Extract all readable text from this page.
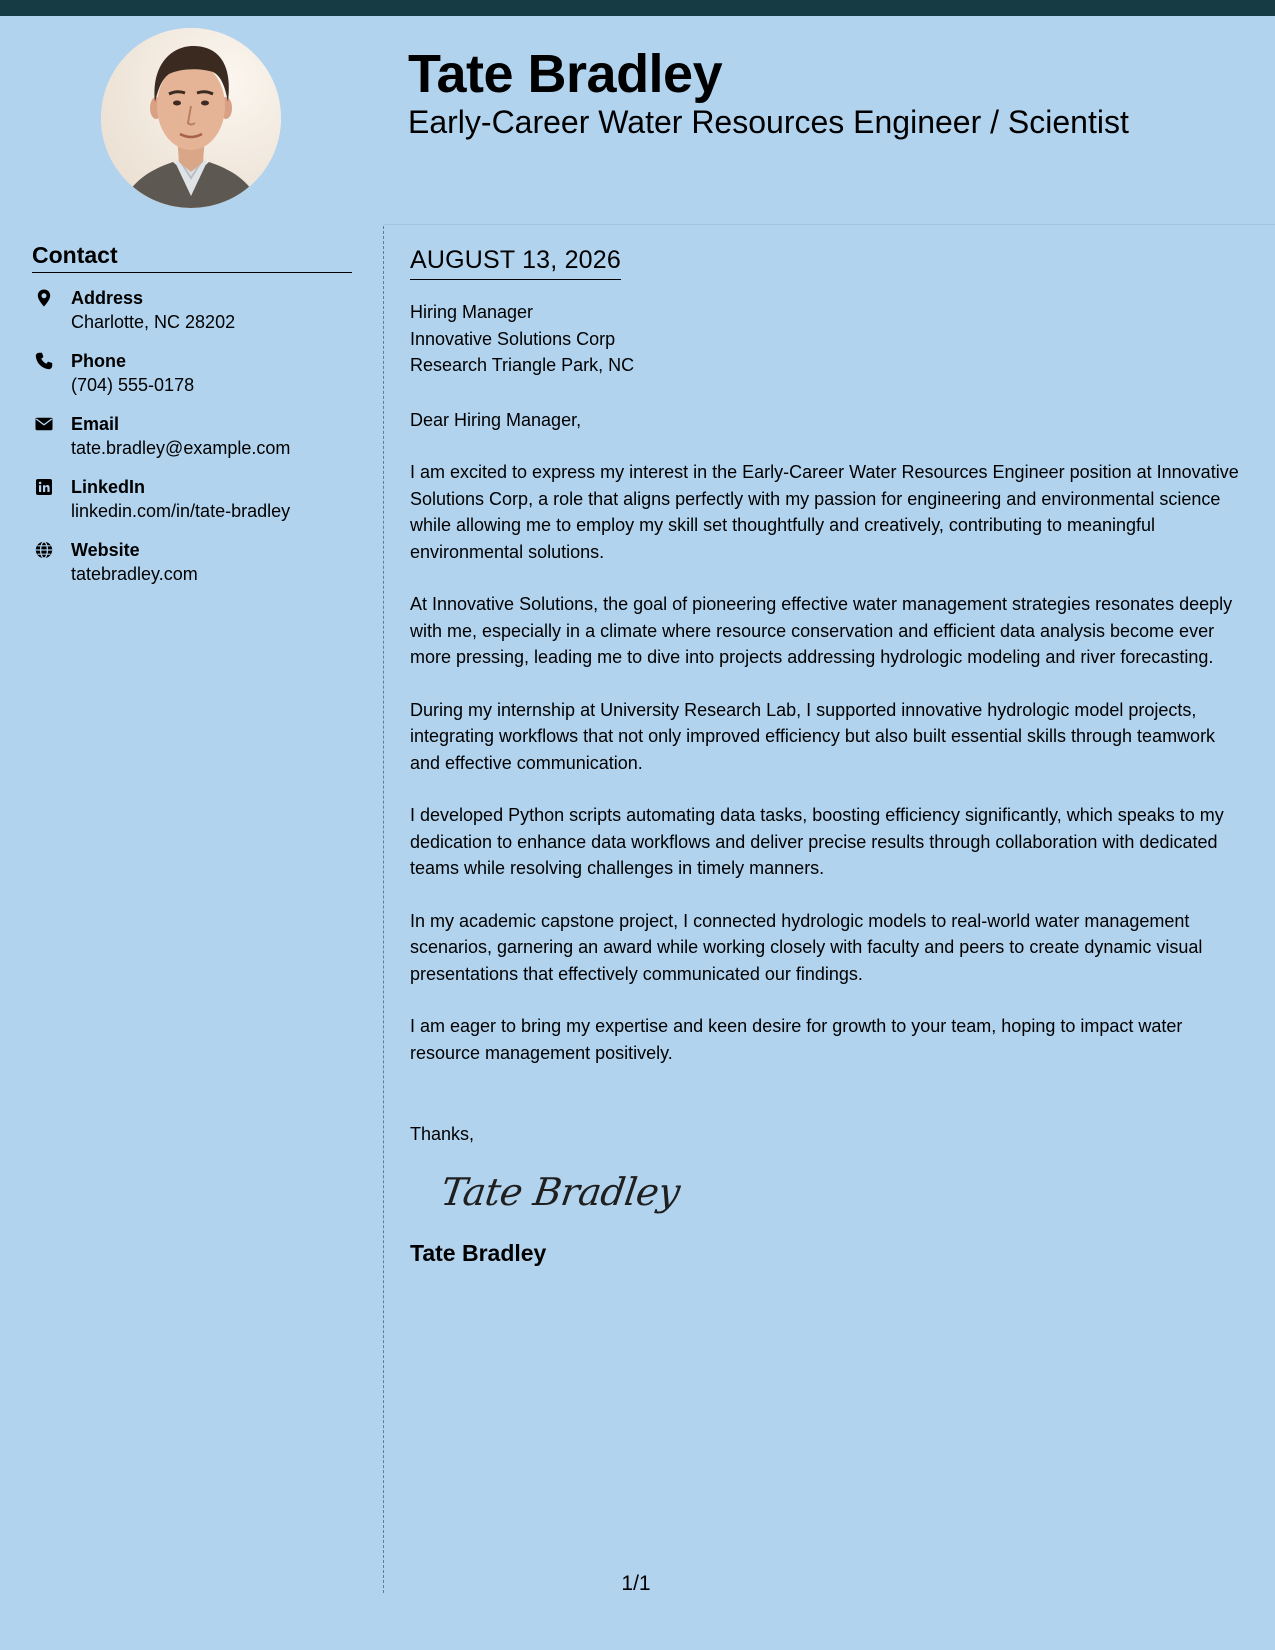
Tate Bradley
Early-Career Water Resources Engineer / Scientist
Contact
Address
Charlotte, NC 28202
Phone
(704) 555-0178
Email
tate.bradley@example.com
LinkedIn
linkedin.com/in/tate-bradley
Website
tatebradley.com
AUGUST 13, 2026
Hiring Manager
Innovative Solutions Corp
Research Triangle Park, NC
Dear Hiring Manager,

I am excited to express my interest in the Early-Career Water Resources Engineer position at Innovative Solutions Corp, a role that aligns perfectly with my passion for engineering and environmental science while allowing me to employ my skill set thoughtfully and creatively, contributing to meaningful environmental solutions.

At Innovative Solutions, the goal of pioneering effective water management strategies resonates deeply with me, especially in a climate where resource conservation and efficient data analysis become ever more pressing, leading me to dive into projects addressing hydrologic modeling and river forecasting.

During my internship at University Research Lab, I supported innovative hydrologic model projects, integrating workflows that not only improved efficiency but also built essential skills through teamwork and effective communication.

I developed Python scripts automating data tasks, boosting efficiency significantly, which speaks to my dedication to enhance data workflows and deliver precise results through collaboration with dedicated teams while resolving challenges in timely manners.

In my academic capstone project, I connected hydrologic models to real-world water management scenarios, garnering an award while working closely with faculty and peers to create dynamic visual presentations that effectively communicated our findings.

I am eager to bring my expertise and keen desire for growth to your team, hoping to impact water resource management positively.

Thanks,
Tate Bradley
Tate Bradley
1/1
